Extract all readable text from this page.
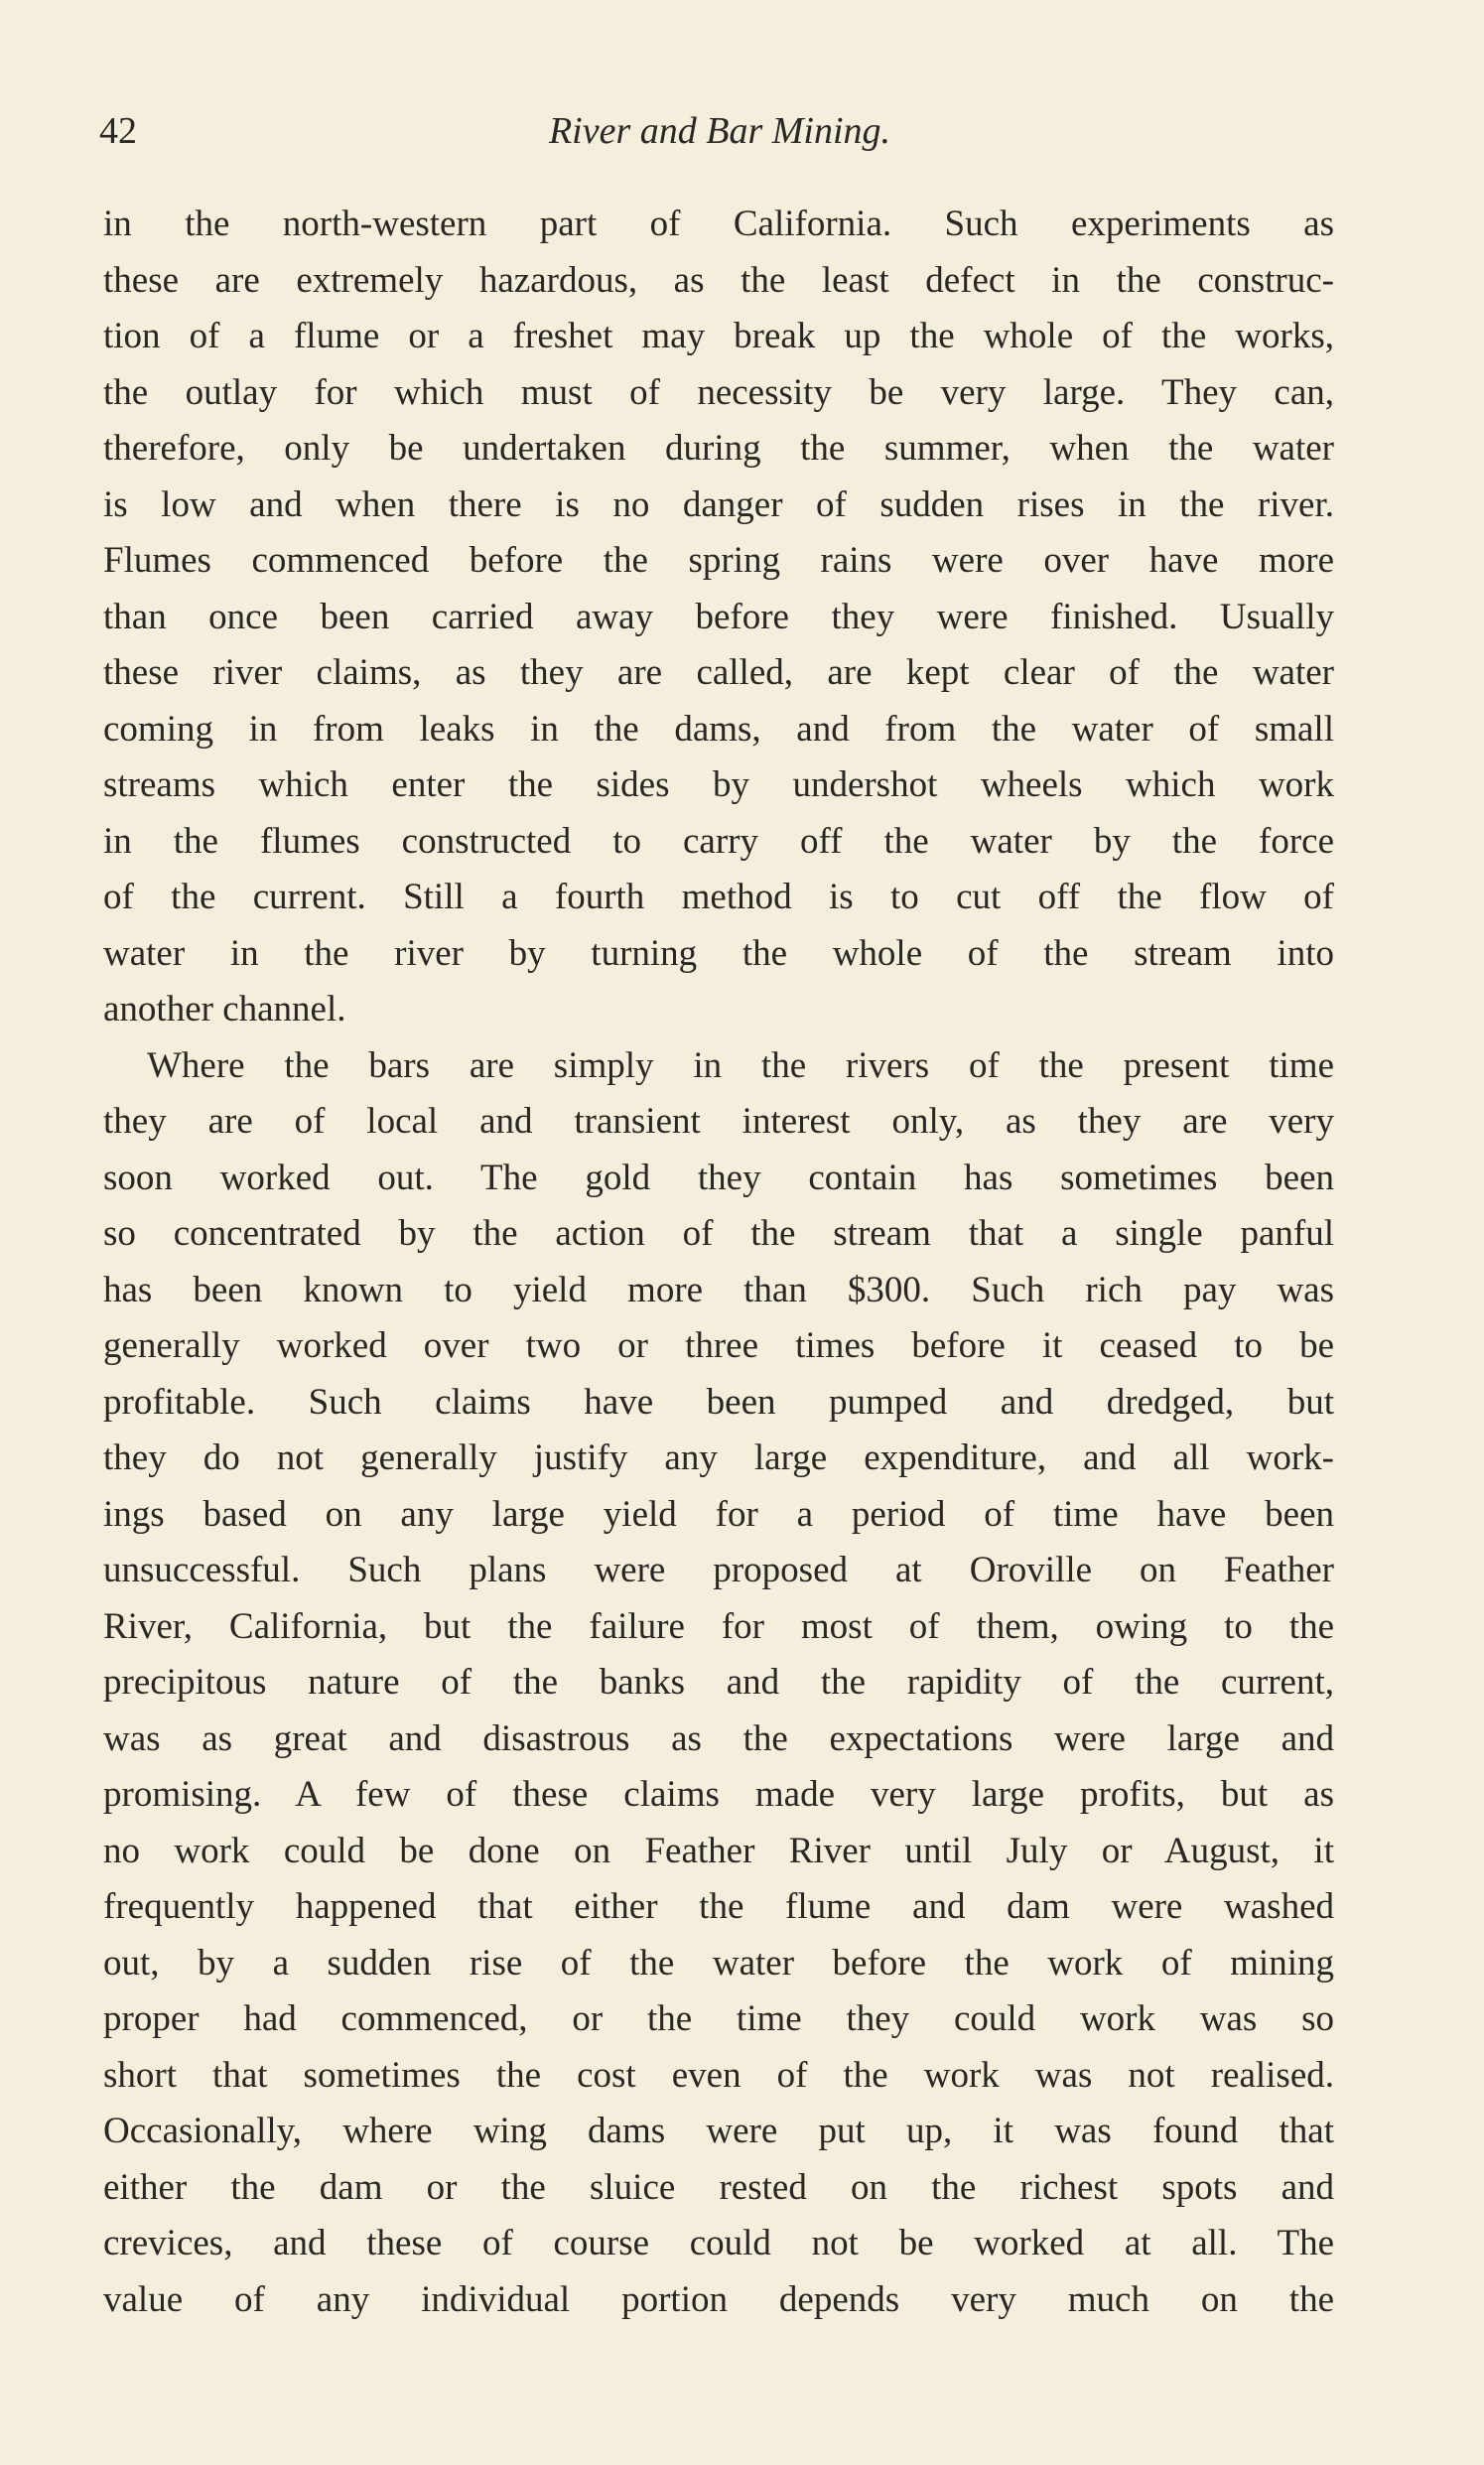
42	River and Bar Mining.
in the north-western part of California. Such experiments as
these are extremely hazardous, as the least defect in the construc-
tion of a flume or a freshet may break up the whole of the works,
the outlay for which must of necessity be very large. They can,
therefore, only be undertaken during the summer, when the water
is low and when there is no danger of sudden rises in the river.
Flumes commenced before the spring rains were over have more
than once been carried away before they were finished. Usually
these river claims, as they are called, are kept clear of the water
coming in from leaks in the dams, and from the water of small
streams which enter the sides by undershot wheels which work
in the flumes constructed to carry off the water by the force
of the current. Still a fourth method is to cut off the flow of
water in the river by turning the whole of the stream into
another channel.
Where the bars are simply in the rivers of the present time
they are of local and transient interest only, as they are very
soon worked out. The gold they contain has sometimes been
so concentrated by the action of the stream that a single panful
has been known to yield more than $300. Such rich pay was
generally worked over two or three times before it ceased to be
profitable. Such claims have been pumped and dredged, but
they do not generally justify any large expenditure, and all work-
ings based on any large yield for a period of time have been
unsuccessful. Such plans were proposed at Oroville on Feather
River, California, but the failure for most of them, owing to the
precipitous nature of the banks and the rapidity of the current,
was as great and disastrous as the expectations were large and
promising. A few of these claims made very large profits, but as
no work could be done on Feather River until July or August, it
frequently happened that either the flume and dam were washed
out, by a sudden rise of the water before the work of mining
proper had commenced, or the time they could work was so
short that sometimes the cost even of the work was not realised.
Occasionally, where wing dams were put up, it was found that
either the dam or the sluice rested on the richest spots and
crevices, and these of course could not be worked at all. The
value of any individual portion depends very much on the
